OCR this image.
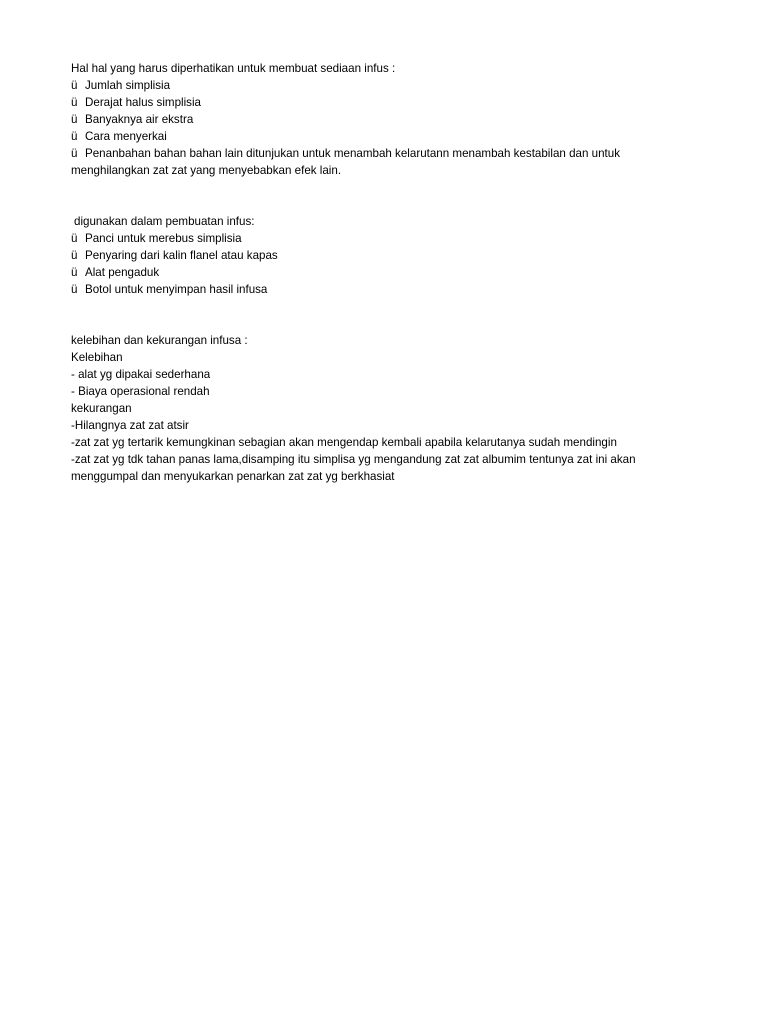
Hal hal yang harus diperhatikan untuk membuat sediaan infus :
ü Jumlah simplisia
ü Derajat halus simplisia
ü Banyaknya air ekstra
ü Cara menyerkai
ü Penanbahan bahan bahan lain ditunjukan untuk menambah kelarutann menambah kestabilan dan untuk menghilangkan zat zat yang menyebabkan efek lain.
digunakan dalam pembuatan infus:
ü Panci untuk merebus simplisia
ü Penyaring dari kalin flanel atau kapas
ü Alat pengaduk
ü Botol untuk menyimpan hasil infusa
kelebihan dan kekurangan infusa :
Kelebihan
- alat yg dipakai sederhana
- Biaya operasional rendah
kekurangan
-Hilangnya zat zat atsir
-zat zat yg tertarik kemungkinan sebagian akan mengendap kembali apabila kelarutanya sudah mendingin
-zat zat yg tdk tahan panas lama,disamping itu simplisa yg mengandung zat zat albumim tentunya zat ini akan menggumpal dan menyukarkan penarkan zat zat yg berkhasiat
